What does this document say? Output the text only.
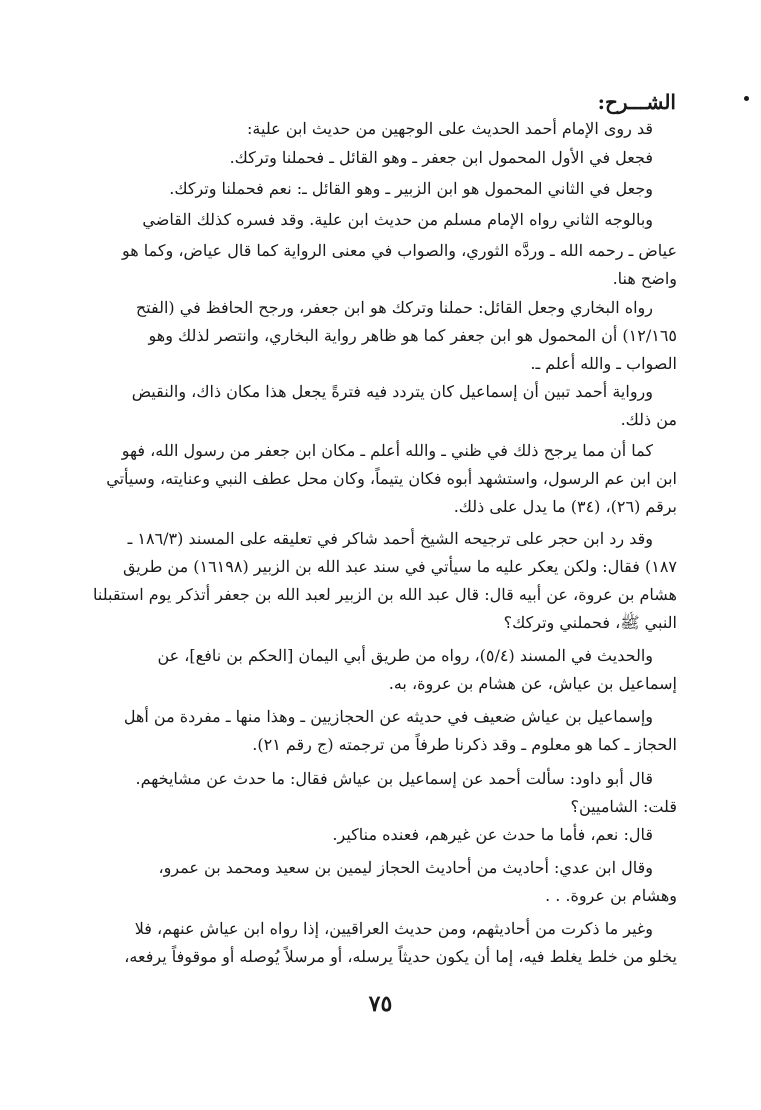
الشـــرح:
قد روى الإمام أحمد الحديث على الوجهين من حديث ابن علية:
فجعل في الأول المحمول ابن جعفر ـ وهو القائل ـ فحملنا وتركك.
وجعل في الثاني المحمول هو ابن الزبير ـ وهو القائل ـ: نعم فحملنا وتركك.
وبالوجه الثاني رواه الإمام مسلم من حديث ابن علية. وقد فسره كذلك القاضي
عياض ـ رحمه الله ـ وردَّه الثوري، والصواب في معنى الرواية كما قال عياض، وكما هو
واضح هنا.
رواه البخاري وجعل القائل: حملنا وتركك هو ابن جعفر، ورجح الحافظ في (الفتح
١٢/١٦٥) أن المحمول هو ابن جعفر كما هو ظاهر رواية البخاري، وانتصر لذلك وهو
الصواب ـ والله أعلم ـ.
ورواية أحمد تبين أن إسماعيل كان يتردد فيه فترةً يجعل هذا مكان ذاك، والنقيض
من ذلك.
كما أن مما يرجح ذلك في ظني ـ والله أعلم ـ مكان ابن جعفر من رسول الله، فهو
ابن ابن عم الرسول، واستشهد أبوه فكان يتيماً، وكان محل عطف النبي وعنايته، وسيأتي
برقم (٢٦)، (٣٤) ما يدل على ذلك.
وقد رد ابن حجر على ترجيحه الشيخ أحمد شاكر في تعليقه على المسند (١٨٦/٣ ـ
١٨٧) فقال: ولكن يعكر عليه ما سيأتي في سند عبد الله بن الزبير (١٦١٩٨) من طريق
هشام بن عروة، عن أبيه قال: قال عبد الله بن الزبير لعبد الله بن جعفر أتذكر يوم استقبلنا
النبي ﷺ، فحملني وتركك؟
والحديث في المسند (٥/٤)، رواه من طريق أبي اليمان [الحكم بن نافع]، عن
إسماعيل بن عياش، عن هشام بن عروة، به.
وإسماعيل بن عياش ضعيف في حديثه عن الحجازيين ـ وهذا منها ـ مفردة من أهل
الحجاز ـ كما هو معلوم ـ وقد ذكرنا طرفاً من ترجمته (ج رقم ٢١).
قال أبو داود: سألت أحمد عن إسماعيل بن عياش فقال: ما حدث عن مشايخهم.
قلت: الشاميين؟
قال: نعم، فأما ما حدث عن غيرهم، فعنده مناكير.
وقال ابن عدي: أحاديث من أحاديث الحجاز ليمين بن سعيد ومحمد بن عمرو،
وهشام بن عروة. . .
وغير ما ذكرت من أحاديثهم، ومن حديث العراقيين، إذا رواه ابن عياش عنهم، فلا
يخلو من خلط يغلط فيه، إما أن يكون حديثاً يرسله، أو مرسلاً يُوصله أو موقوفاً يرفعه،
٧٥
